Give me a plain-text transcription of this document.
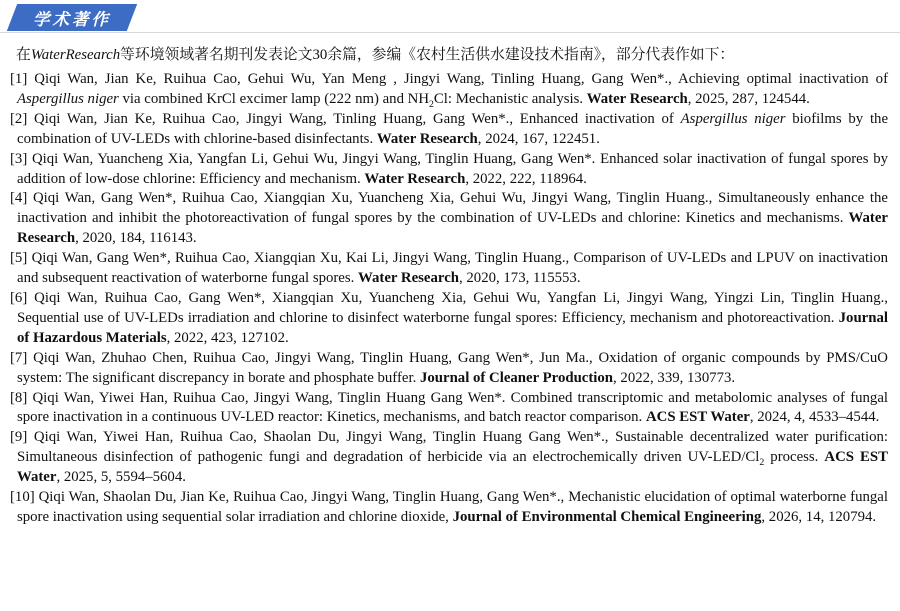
学术著作
在WaterResearch等环境领域著名期刊发表论文30余篇，参编《农村生活供水建设技术指南》，部分代表作如下：
[1] Qiqi Wan, Jian Ke, Ruihua Cao, Gehui Wu, Yan Meng , Jingyi Wang, Tinling Huang, Gang Wen*., Achieving optimal inactivation of Aspergillus niger via combined KrCl excimer lamp (222 nm) and $NH_2Cl$: Mechanistic analysis. Water Research, 2025, 287, 124544.
[2] Qiqi Wan, Jian Ke, Ruihua Cao, Jingyi Wang, Tinling Huang, Gang Wen*., Enhanced inactivation of Aspergillus niger biofilms by the combination of UV-LEDs with chlorine-based disinfectants. Water Research, 2024, 167, 122451.
[3] Qiqi Wan, Yuancheng Xia, Yangfan Li, Gehui Wu, Jingyi Wang, Tinglin Huang, Gang Wen*. Enhanced solar inactivation of fungal spores by addition of low-dose chlorine: Efficiency and mechanism. Water Research, 2022, 222, 118964.
[4] Qiqi Wan, Gang Wen*, Ruihua Cao, Xiangqian Xu, Yuancheng Xia, Gehui Wu, Jingyi Wang, Tinglin Huang., Simultaneously enhance the inactivation and inhibit the photoreactivation of fungal spores by the combination of UV-LEDs and chlorine: Kinetics and mechanisms. Water Research, 2020, 184, 116143.
[5] Qiqi Wan, Gang Wen*, Ruihua Cao, Xiangqian Xu, Kai Li, Jingyi Wang, Tinglin Huang., Comparison of UV-LEDs and LPUV on inactivation and subsequent reactivation of waterborne fungal spores. Water Research, 2020, 173, 115553.
[6] Qiqi Wan, Ruihua Cao, Gang Wen*, Xiangqian Xu, Yuancheng Xia, Gehui Wu, Yangfan Li, Jingyi Wang, Yingzi Lin, Tinglin Huang., Sequential use of UV-LEDs irradiation and chlorine to disinfect waterborne fungal spores: Efficiency, mechanism and photoreactivation. Journal of Hazardous Materials, 2022, 423, 127102.
[7] Qiqi Wan, Zhuhao Chen, Ruihua Cao, Jingyi Wang, Tinglin Huang, Gang Wen*, Jun Ma., Oxidation of organic compounds by PMS/CuO system: The significant discrepancy in borate and phosphate buffer. Journal of Cleaner Production, 2022, 339, 130773.
[8] Qiqi Wan, Yiwei Han, Ruihua Cao, Jingyi Wang, Tinglin Huang Gang Wen*. Combined transcriptomic and metabolomic analyses of fungal spore inactivation in a continuous UV-LED reactor: Kinetics, mechanisms, and batch reactor comparison. ACS EST Water, 2024, 4, 4533–4544.
[9] Qiqi Wan, Yiwei Han, Ruihua Cao, Shaolan Du, Jingyi Wang, Tinglin Huang Gang Wen*., Sustainable decentralized water purification: Simultaneous disinfection of pathogenic fungi and degradation of herbicide via an electrochemically driven $UV-LED/Cl_2$ process. ACS EST Water, 2025, 5, 5594–5604.
[10] Qiqi Wan, Shaolan Du, Jian Ke, Ruihua Cao, Jingyi Wang, Tinglin Huang, Gang Wen*., Mechanistic elucidation of optimal waterborne fungal spore inactivation using sequential solar irradiation and chlorine dioxide, Journal of Environmental Chemical Engineering, 2026, 14, 120794.
